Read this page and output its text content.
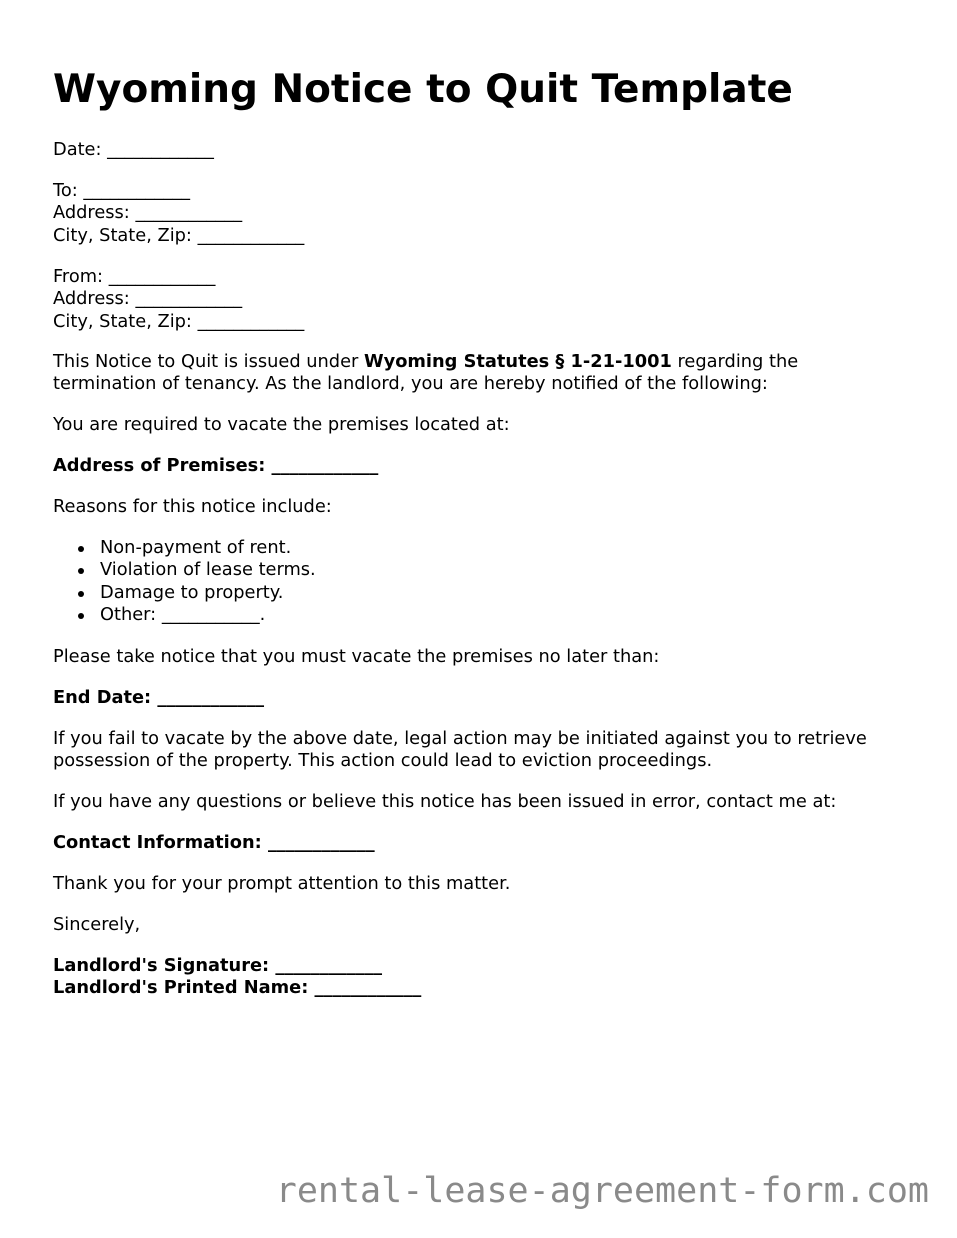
Wyoming Notice to Quit Template

Date: ____________

To: ____________

Address: ____________

City, State, Zip: ____________

From: ____________

Address: ____________

City, State, Zip: ____________

This Notice to Quit is issued under Wyoming Statutes § 1-21-1001 regarding the

termination of tenancy. As the landlord, you are hereby notified of the following:

You are required to vacate the premises located at:

Address of Premises: ____________

Reasons for this notice include:

Non-payment of rent.
Violation of lease terms.
Damage to property.
Other: ___________.

Please take notice that you must vacate the premises no later than:

End Date: ____________

If you fail to vacate by the above date, legal action may be initiated against you to retrieve

possession of the property. This action could lead to eviction proceedings.

If you have any questions or believe this notice has been issued in error, contact me at:

Contact Information: ____________

Thank you for your prompt attention to this matter.

Sincerely,

Landlord's Signature: ____________

Landlord's Printed Name: ____________

rental-lease-agreement-form.com
